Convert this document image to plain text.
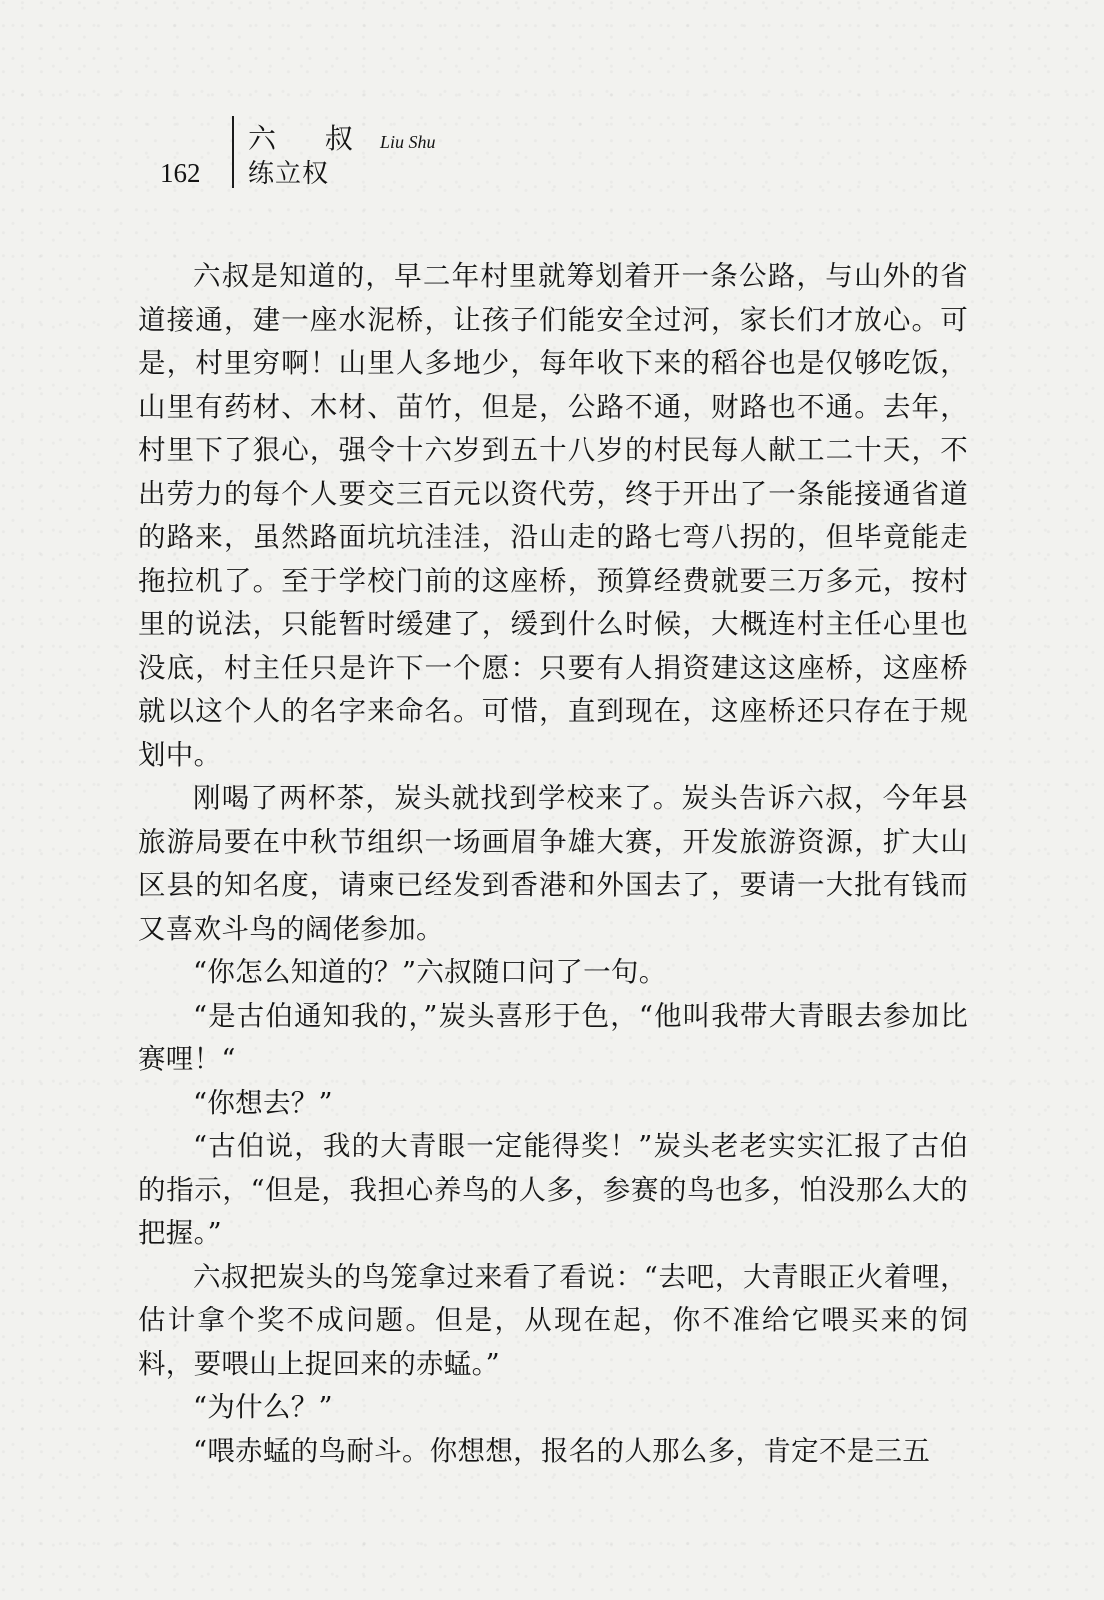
162
六 叔 Liu Shu
练立权

六叔是知道的，早二年村里就筹划着开一条公路，与山外的省道接通，建一座水泥桥，让孩子们能安全过河，家长们才放心。可是，村里穷啊！山里人多地少，每年收下来的稻谷也是仅够吃饭，山里有药材、木材、苗竹，但是，公路不通，财路也不通。去年，村里下了狠心，强令十六岁到五十八岁的村民每人献工二十天，不出劳力的每个人要交三百元以资代劳，终于开出了一条能接通省道的路来，虽然路面坑坑洼洼，沿山走的路七弯八拐的，但毕竟能走拖拉机了。至于学校门前的这座桥，预算经费就要三万多元，按村里的说法，只能暂时缓建了，缓到什么时候，大概连村主任心里也没底，村主任只是许下一个愿：只要有人捐资建这这座桥，这座桥就以这个人的名字来命名。可惜，直到现在，这座桥还只存在于规划中。

刚喝了两杯茶，炭头就找到学校来了。炭头告诉六叔，今年县旅游局要在中秋节组织一场画眉争雄大赛，开发旅游资源，扩大山区县的知名度，请柬已经发到香港和外国去了，要请一大批有钱而又喜欢斗鸟的阔佬参加。

“你怎么知道的？”六叔随口问了一句。

“是古伯通知我的，”炭头喜形于色，“他叫我带大青眼去参加比赛哩！“

“你想去？”

“古伯说，我的大青眼一定能得奖！”炭头老老实实汇报了古伯的指示，“但是，我担心养鸟的人多，参赛的鸟也多，怕没那么大的把握。”

六叔把炭头的鸟笼拿过来看了看说：“去吧，大青眼正火着哩，估计拿个奖不成问题。但是，从现在起，你不准给它喂买来的饲料，要喂山上捉回来的赤蜢。”

“为什么？”

“喂赤蜢的鸟耐斗。你想想，报名的人那么多，肯定不是三五
